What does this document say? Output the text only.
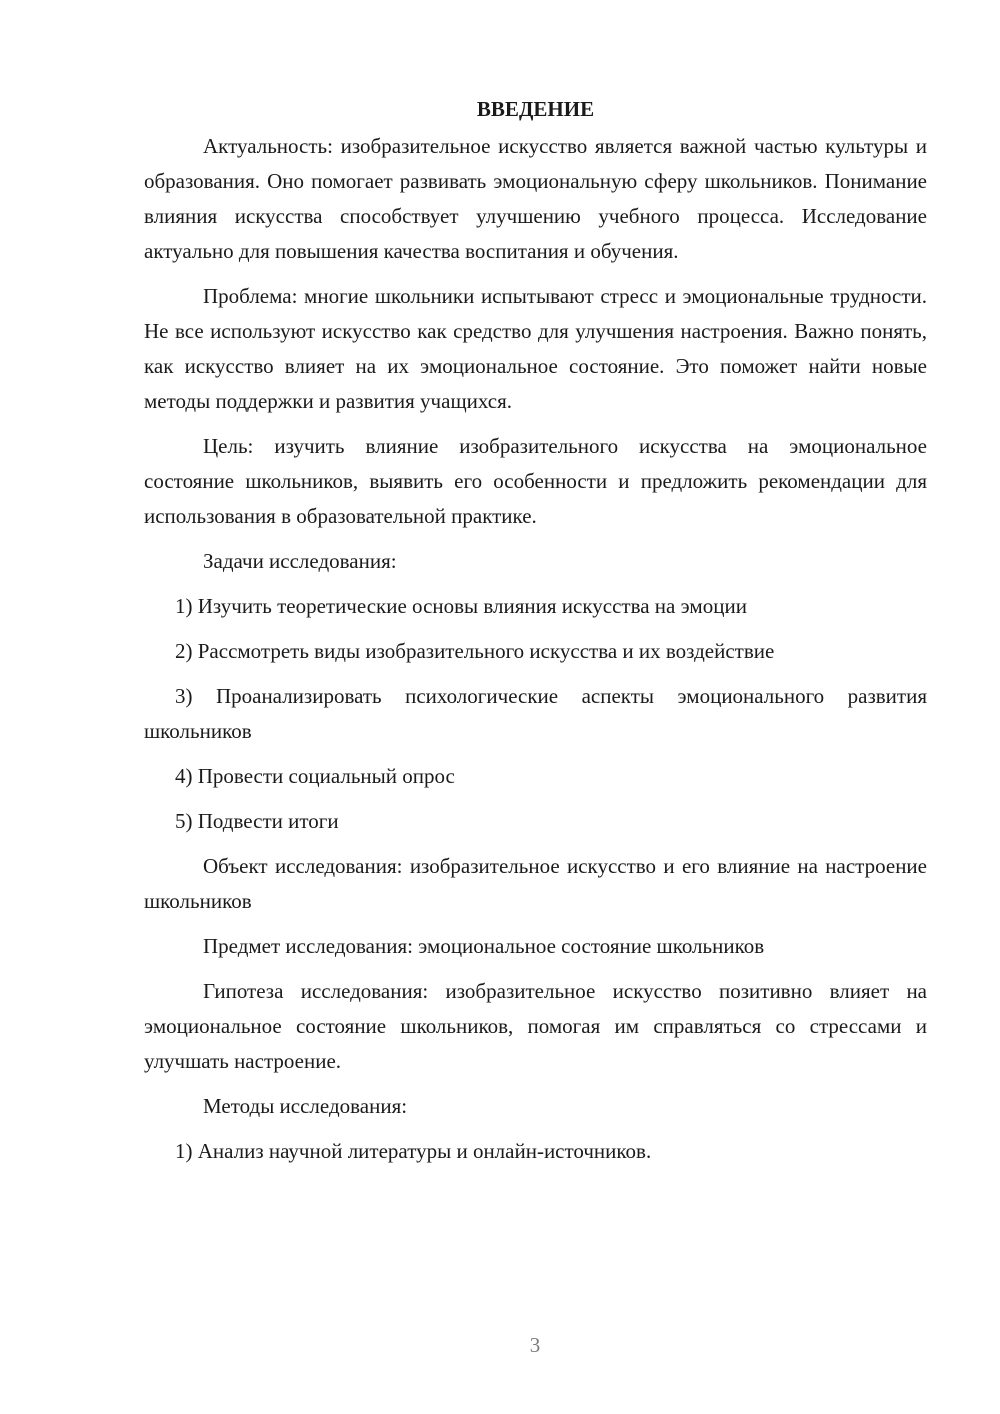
ВВЕДЕНИЕ

Актуальность: изобразительное искусство является важной частью культуры и образования. Оно помогает развивать эмоциональную сферу школьников. Понимание влияния искусства способствует улучшению учебного процесса. Исследование актуально для повышения качества воспитания и обучения.

Проблема: многие школьники испытывают стресс и эмоциональные трудности. Не все используют искусство как средство для улучшения настроения. Важно понять, как искусство влияет на их эмоциональное состояние. Это поможет найти новые методы поддержки и развития учащихся.

Цель: изучить влияние изобразительного искусства на эмоциональное состояние школьников, выявить его особенности и предложить рекомендации для использования в образовательной практике.

Задачи исследования:

1) Изучить теоретические основы влияния искусства на эмоции

2) Рассмотреть виды изобразительного искусства и их воздействие

3) Проанализировать психологические аспекты эмоционального развития школьников

4) Провести социальный опрос

5) Подвести итоги

Объект исследования: изобразительное искусство и его влияние на настроение школьников

Предмет исследования: эмоциональное состояние школьников

Гипотеза исследования: изобразительное искусство позитивно влияет на эмоциональное состояние школьников, помогая им справляться со стрессами и улучшать настроение.

Методы исследования:

1) Анализ научной литературы и онлайн-источников.

3
